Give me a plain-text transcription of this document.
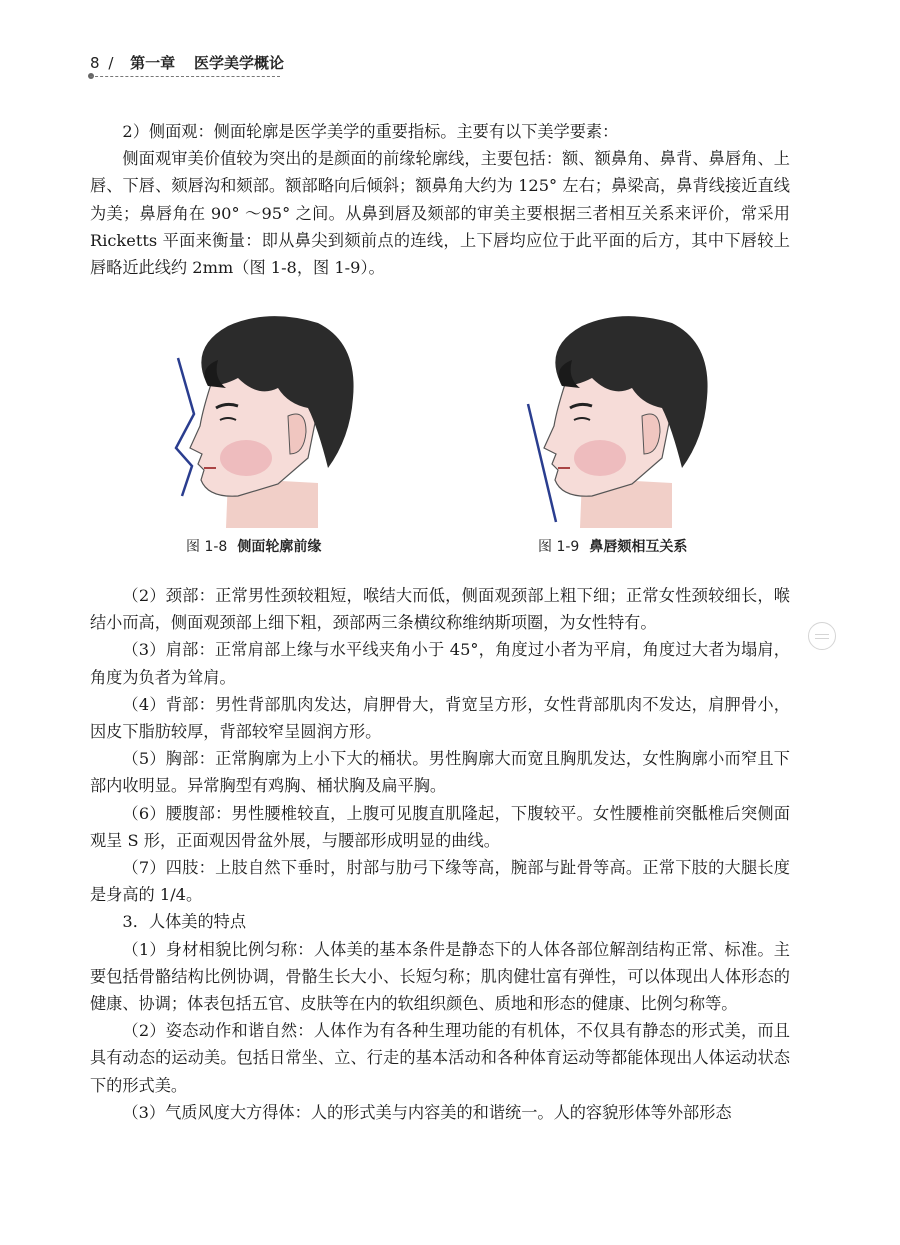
8 / 第一章 医学美学概论

2）侧面观：侧面轮廓是医学美学的重要指标。主要有以下美学要素：

侧面观审美价值较为突出的是颜面的前缘轮廓线，主要包括：额、额鼻角、鼻背、鼻唇角、上唇、下唇、颏唇沟和颏部。额部略向后倾斜；额鼻角大约为 125° 左右；鼻梁高，鼻背线接近直线为美；鼻唇角在 90° ～95° 之间。从鼻到唇及颏部的审美主要根据三者相互关系来评价，常采用 Ricketts 平面来衡量：即从鼻尖到颏前点的连线，上下唇均应位于此平面的后方，其中下唇较上唇略近此线约 2mm（图 1-8，图 1-9）。

图 1-8 侧面轮廓前缘	图 1-9 鼻唇颏相互关系

（2）颈部：正常男性颈较粗短，喉结大而低，侧面观颈部上粗下细；正常女性颈较细长，喉结小而高，侧面观颈部上细下粗，颈部两三条横纹称维纳斯项圈，为女性特有。

（3）肩部：正常肩部上缘与水平线夹角小于 45°，角度过小者为平肩，角度过大者为塌肩，角度为负者为耸肩。

（4）背部：男性背部肌肉发达，肩胛骨大，背宽呈方形，女性背部肌肉不发达，肩胛骨小，因皮下脂肪较厚，背部较窄呈圆润方形。

（5）胸部：正常胸廓为上小下大的桶状。男性胸廓大而宽且胸肌发达，女性胸廓小而窄且下部内收明显。异常胸型有鸡胸、桶状胸及扁平胸。

（6）腰腹部：男性腰椎较直，上腹可见腹直肌隆起，下腹较平。女性腰椎前突骶椎后突侧面观呈 S 形，正面观因骨盆外展，与腰部形成明显的曲线。

（7）四肢：上肢自然下垂时，肘部与肋弓下缘等高，腕部与趾骨等高。正常下肢的大腿长度是身高的 1/4。

3．人体美的特点

（1）身材相貌比例匀称：人体美的基本条件是静态下的人体各部位解剖结构正常、标准。主要包括骨骼结构比例协调，骨骼生长大小、长短匀称；肌肉健壮富有弹性，可以体现出人体形态的健康、协调；体表包括五官、皮肤等在内的软组织颜色、质地和形态的健康、比例匀称等。

（2）姿态动作和谐自然：人体作为有各种生理功能的有机体，不仅具有静态的形式美，而且具有动态的运动美。包括日常坐、立、行走的基本活动和各种体育运动等都能体现出人体运动状态下的形式美。

（3）气质风度大方得体：人的形式美与内容美的和谐统一。人的容貌形体等外部形态
